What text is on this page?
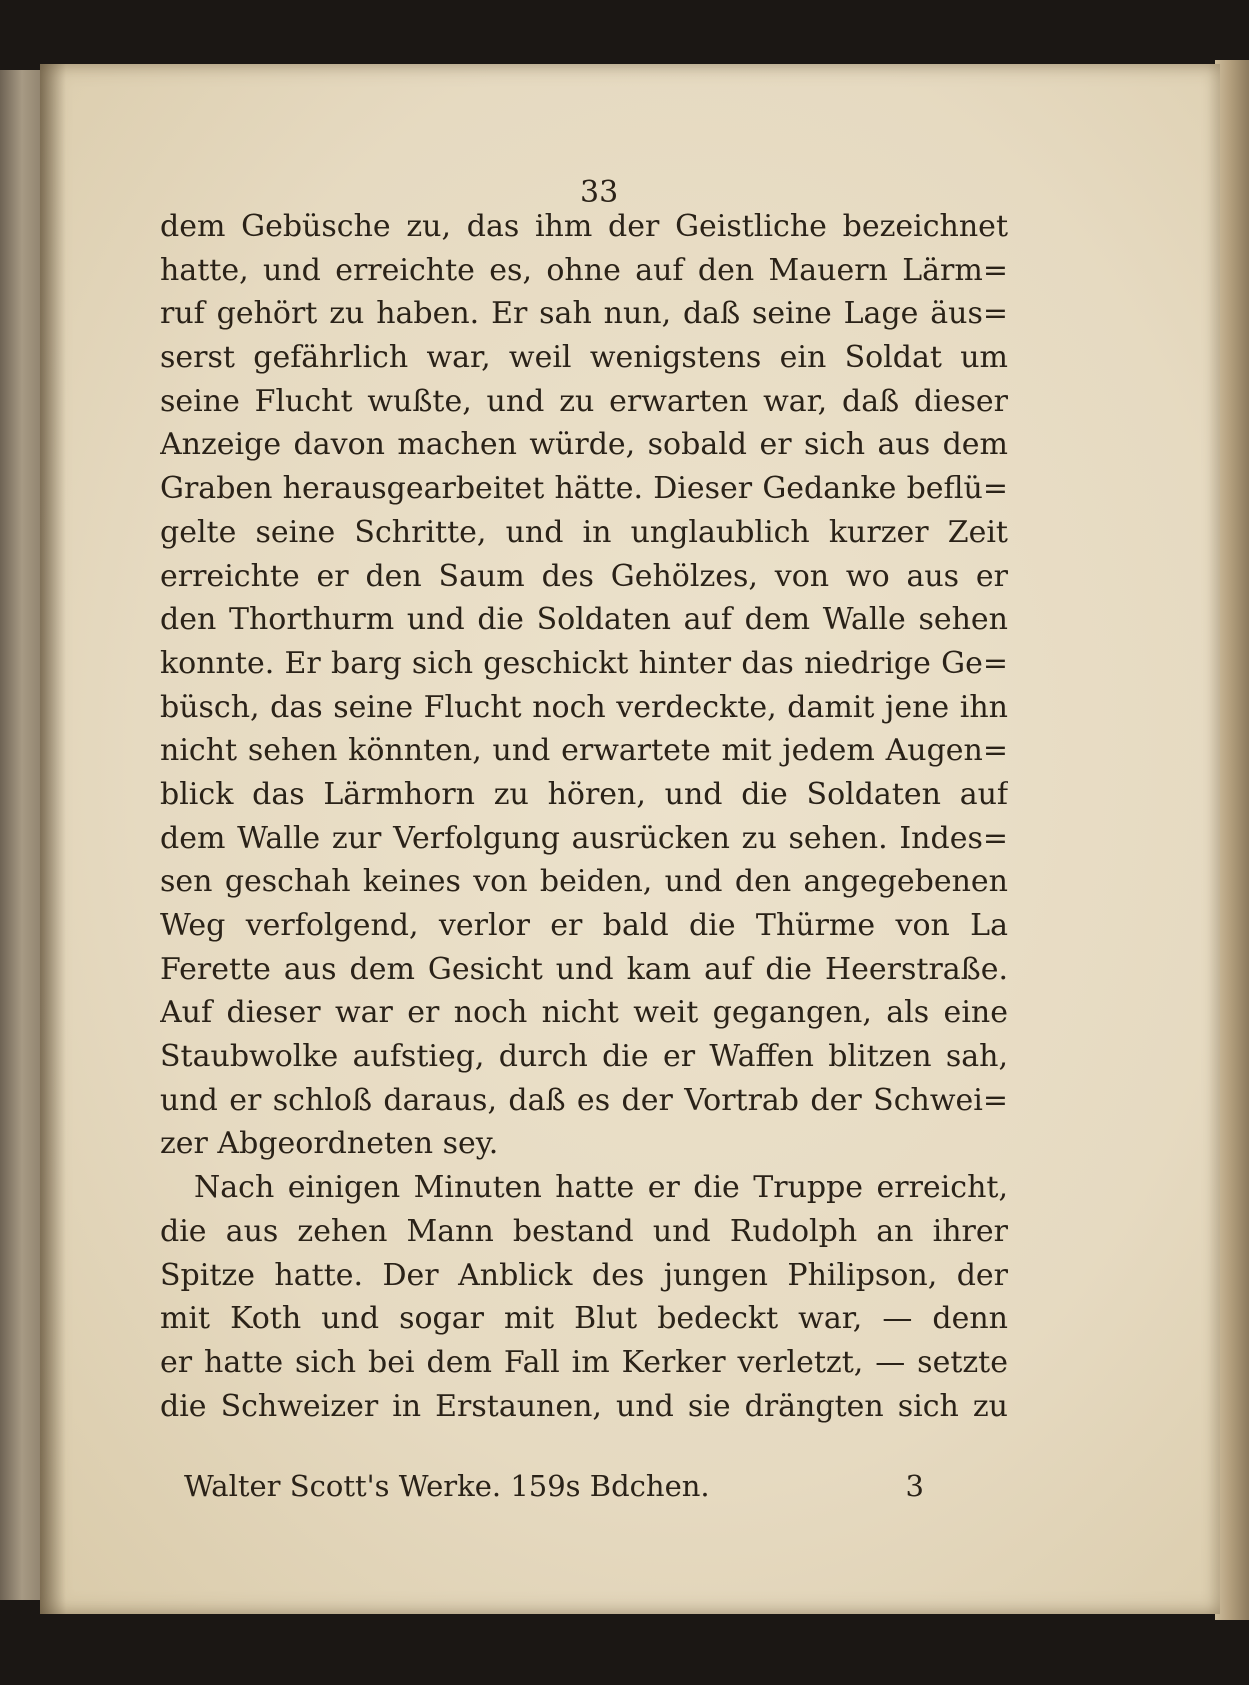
33
dem Gebüsche zu, das ihm der Geistliche bezeichnet
hatte, und erreichte es, ohne auf den Mauern Lärm=
ruf gehört zu haben. Er sah nun, daß seine Lage äus=
serst gefährlich war, weil wenigstens ein Soldat um
seine Flucht wußte, und zu erwarten war, daß dieser
Anzeige davon machen würde, sobald er sich aus dem
Graben herausgearbeitet hätte. Dieser Gedanke beflü=
gelte seine Schritte, und in unglaublich kurzer Zeit
erreichte er den Saum des Gehölzes, von wo aus er
den Thorthurm und die Soldaten auf dem Walle sehen
konnte. Er barg sich geschickt hinter das niedrige Ge=
büsch, das seine Flucht noch verdeckte, damit jene ihn
nicht sehen könnten, und erwartete mit jedem Augen=
blick das Lärmhorn zu hören, und die Soldaten auf
dem Walle zur Verfolgung ausrücken zu sehen. Indes=
sen geschah keines von beiden, und den angegebenen
Weg verfolgend, verlor er bald die Thürme von La
Ferette aus dem Gesicht und kam auf die Heerstraße.
Auf dieser war er noch nicht weit gegangen, als eine
Staubwolke aufstieg, durch die er Waffen blitzen sah,
und er schloß daraus, daß es der Vortrab der Schwei=
zer Abgeordneten sey.
Nach einigen Minuten hatte er die Truppe erreicht,
die aus zehen Mann bestand und Rudolph an ihrer
Spitze hatte. Der Anblick des jungen Philipson, der
mit Koth und sogar mit Blut bedeckt war, — denn
er hatte sich bei dem Fall im Kerker verletzt, — setzte
die Schweizer in Erstaunen, und sie drängten sich zu
Walter Scott's Werke. 159s Bdchen.	3
